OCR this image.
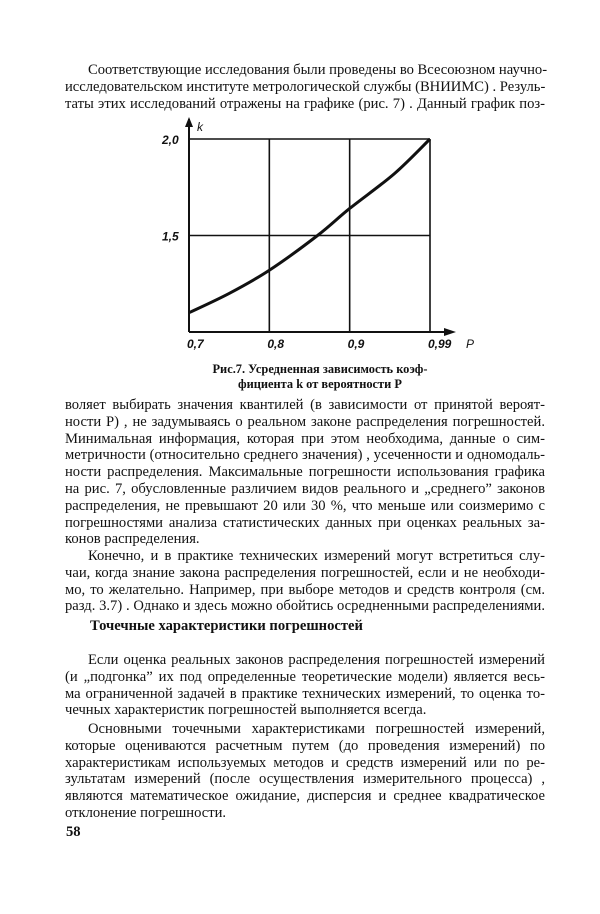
Соответствующие исследования были проведены во Всесоюзном научно-
исследовательском институте метрологической службы (ВНИИМС) . Резуль-
таты этих исследований отражены на графике (рис. 7) . Данный график поз-
0,7	0,8	0,9	0,99
1,5
2,0
P
k
Рис.7. Усредненная зависимость коэф-
фициента k от вероятности P
воляет выбирать значения квантилей (в зависимости от принятой вероят-
ности P) , не задумываясь о реальном законе распределения погрешностей.
Минимальная информация, которая при этом необходима, данные о сим-
метричности (относительно среднего значения) , усеченности и одномодаль-
ности распределения. Максимальные погрешности использования графика
на рис. 7, обусловленные различием видов реального и „среднего” законов
распределения, не превышают 20 или 30 %, что меньше или соизмеримо с
погрешностями анализа статистических данных при оценках реальных за-
конов распределения.
Конечно, и в практике технических измерений могут встретиться слу-
чаи, когда знание закона распределения погрешностей, если и не необходи-
мо, то желательно. Например, при выборе методов и средств контроля (см.
разд. 3.7) . Однако и здесь можно обойтись осредненными распределениями.
Точечные характеристики погрешностей
Если оценка реальных законов распределения погрешностей измерений
(и „подгонка” их под определенные теоретические модели) является весь-
ма ограниченной задачей в практике технических измерений, то оценка то-
чечных характеристик погрешностей выполняется всегда.
Основными точечными характеристиками погрешностей измерений,
которые оцениваются расчетным путем (до проведения измерений) по
характеристикам используемых методов и средств измерений или по ре-
зультатам измерений (после осуществления измерительного процесса) ,
являются математическое ожидание, дисперсия и среднее квадратическое
отклонение погрешности.
58
